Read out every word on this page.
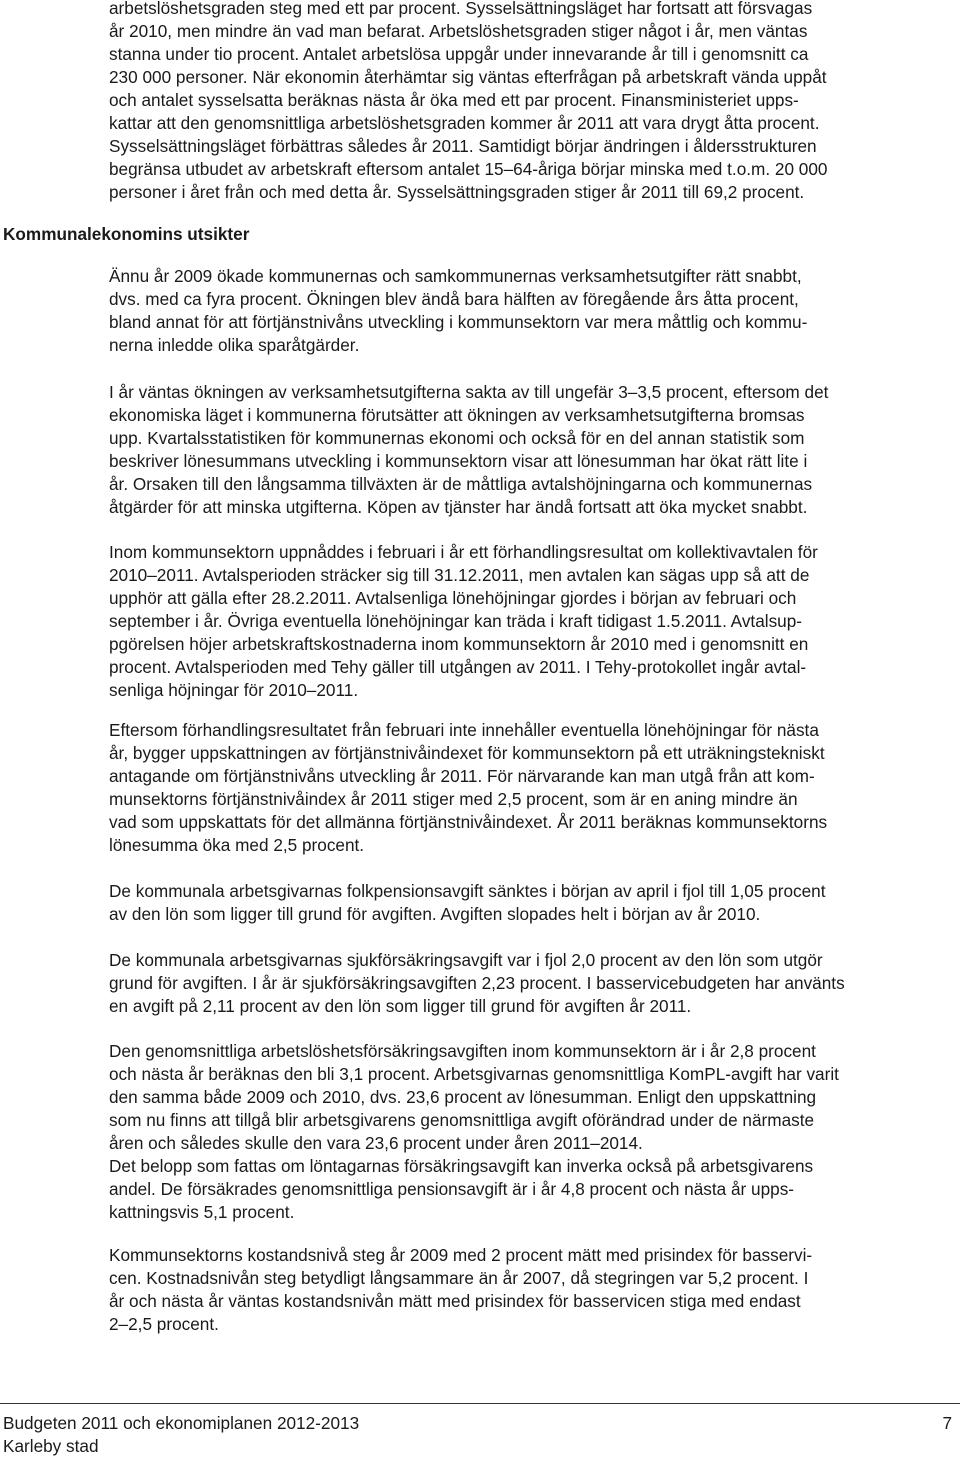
arbetslöshetsgraden steg med ett par procent. Sysselsättningsläget har fortsatt att försvagas
år 2010, men mindre än vad man befarat. Arbetslöshetsgraden stiger något i år, men väntas
stanna under tio procent. Antalet arbetslösa uppgår under innevarande år till i genomsnitt ca
230 000 personer. När ekonomin återhämtar sig väntas efterfrågan på arbetskraft vända uppåt
och antalet sysselsatta beräknas nästa år öka med ett par procent. Finansministeriet upps-
kattar att den genomsnittliga arbetslöshetsgraden kommer år 2011 att vara drygt åtta procent.
Sysselsättningsläget förbättras således år 2011. Samtidigt börjar ändringen i åldersstrukturen
begränsa utbudet av arbetskraft eftersom antalet 15–64-åriga börjar minska med t.o.m. 20 000
personer i året från och med detta år. Sysselsättningsgraden stiger år 2011 till 69,2 procent.
Kommunalekonomins utsikter
Ännu år 2009 ökade kommunernas och samkommunernas verksamhetsutgifter rätt snabbt,
dvs. med ca fyra procent. Ökningen blev ändå bara hälften av föregående års åtta procent,
bland annat för att förtjänstnivåns utveckling i kommunsektorn var mera måttlig och kommu-
nerna inledde olika sparåtgärder.
I år väntas ökningen av verksamhetsutgifterna sakta av till ungefär 3–3,5 procent, eftersom det
ekonomiska läget i kommunerna förutsätter att ökningen av verksamhetsutgifterna bromsas
upp. Kvartalsstatistiken för kommunernas ekonomi och också för en del annan statistik som
beskriver lönesummans utveckling i kommunsektorn visar att lönesumman har ökat rätt lite i
år. Orsaken till den långsamma tillväxten är de måttliga avtalshöjningarna och kommunernas
åtgärder för att minska utgifterna. Köpen av tjänster har ändå fortsatt att öka mycket snabbt.
Inom kommunsektorn uppnåddes i februari i år ett förhandlingsresultat om kollektivavtalen för
2010–2011. Avtalsperioden sträcker sig till 31.12.2011, men avtalen kan sägas upp så att de
upphör att gälla efter 28.2.2011. Avtalsenliga lönehöjningar gjordes i början av februari och
september i år. Övriga eventuella lönehöjningar kan träda i kraft tidigast 1.5.2011. Avtalsup-
pgörelsen höjer arbetskraftskostnaderna inom kommunsektorn år 2010 med i genomsnitt en
procent. Avtalsperioden med Tehy gäller till utgången av 2011. I Tehy-protokollet ingår avtal-
senliga höjningar för 2010–2011.
Eftersom förhandlingsresultatet från februari inte innehåller eventuella lönehöjningar för nästa
år, bygger uppskattningen av förtjänstnivåindexet för kommunsektorn på ett uträkningstekniskt
antagande om förtjänstnivåns utveckling år 2011. För närvarande kan man utgå från att kom-
munsektorns förtjänstnivåindex år 2011 stiger med 2,5 procent, som är en aning mindre än
vad som uppskattats för det allmänna förtjänstnivåindexet. År 2011 beräknas kommunsektorns
lönesumma öka med 2,5 procent.
De kommunala arbetsgivarnas folkpensionsavgift sänktes i början av april i fjol till 1,05 procent
av den lön som ligger till grund för avgiften. Avgiften slopades helt i början av år 2010.
De kommunala arbetsgivarnas sjukförsäkringsavgift var i fjol 2,0 procent av den lön som utgör
grund för avgiften. I år är sjukförsäkringsavgiften 2,23 procent. I basservicebudgeten har använts
en avgift på 2,11 procent av den lön som ligger till grund för avgiften år 2011.
Den genomsnittliga arbetslöshetsförsäkringsavgiften inom kommunsektorn är i år 2,8 procent
och nästa år beräknas den bli 3,1 procent. Arbetsgivarnas genomsnittliga KomPL-avgift har varit
den samma både 2009 och 2010, dvs. 23,6 procent av lönesumman. Enligt den uppskattning
som nu finns att tillgå blir arbetsgivarens genomsnittliga avgift oförändrad under de närmaste
åren och således skulle den vara 23,6 procent under åren 2011–2014.
Det belopp som fattas om löntagarnas försäkringsavgift kan inverka också på arbetsgivarens
andel. De försäkrades genomsnittliga pensionsavgift är i år 4,8 procent och nästa år upps-
kattningsvis 5,1 procent.
Kommunsektorns kostandsnivå steg år 2009 med 2 procent mätt med prisindex för basservi-
cen. Kostnadsnivån steg betydligt långsammare än år 2007, då stegringen var 5,2 procent. I
år och nästa år väntas kostandsnivån mätt med prisindex för basservicen stiga med endast
2–2,5 procent.
Budgeten 2011 och ekonomiplanen 2012-2013
Karleby stad
7
